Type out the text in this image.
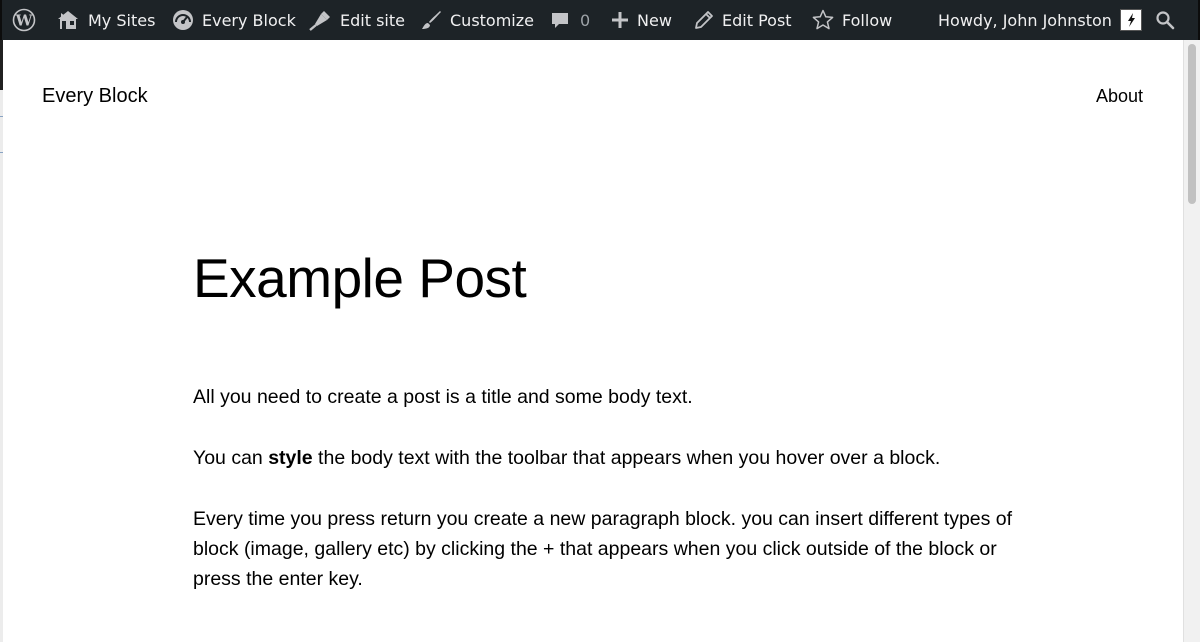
W	My Sites	Every Block	Edit site	Customize	0	New	Edit Post	Follow	Howdy, John Johnston
Every Block	About
Example Post

All you need to create a post is a title and some body text.

You can style the body text with the toolbar that appears when you hover over a block.

Every time you press return you create a new paragraph block. you can insert different types of block (image, gallery etc) by clicking the + that appears when you click outside of the block or press the enter key.
